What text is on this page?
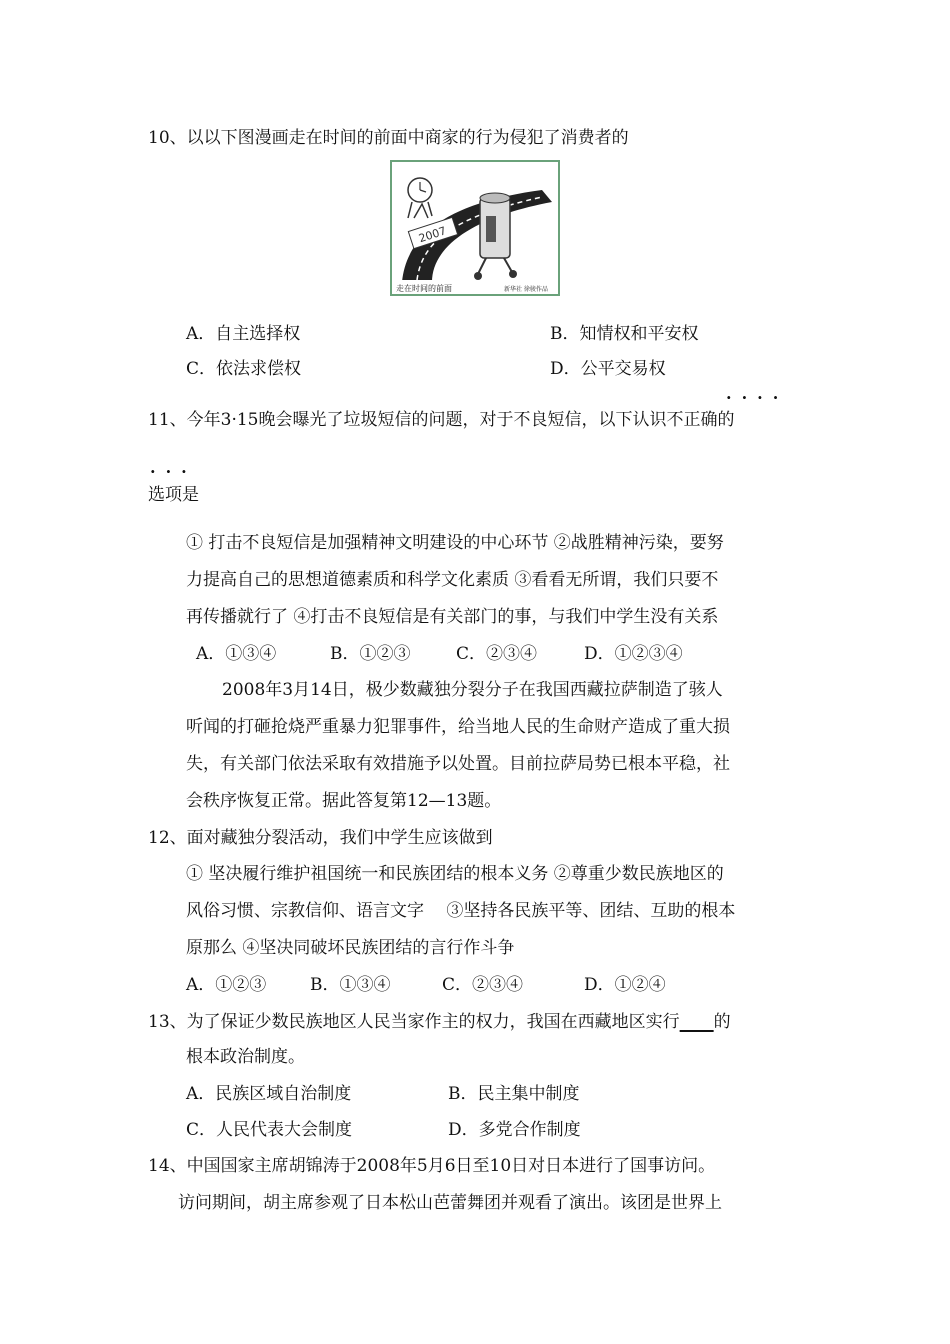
10、以以下图漫画走在时间的前面中商家的行为侵犯了消费者的
2007
走在时间的前面	新华社 徐骏作品
A．自主选择权	B．知情权和平安权
C．依法求偿权	D．公平交易权
····
11、今年3·15晚会曝光了垃圾短信的问题，对于不良短信，以下认识不正确的
···
选项是
① 打击不良短信是加强精神文明建设的中心环节 ②战胜精神污染，要努
力提高自己的思想道德素质和科学文化素质 ③看看无所谓，我们只要不
再传播就行了 ④打击不良短信是有关部门的事，与我们中学生没有关系
A．①③④	B．①②③	C．②③④	D．①②③④
2008年3月14日，极少数藏独分裂分子在我国西藏拉萨制造了骇人
听闻的打砸抢烧严重暴力犯罪事件，给当地人民的生命财产造成了重大损
失，有关部门依法采取有效措施予以处置。目前拉萨局势已根本平稳，社
会秩序恢复正常。据此答复第12—13题。
12、面对藏独分裂活动，我们中学生应该做到
① 坚决履行维护祖国统一和民族团结的根本义务 ②尊重少数民族地区的
风俗习惯、宗教信仰、语言文字　 ③坚持各民族平等、团结、互助的根本
原那么 ④坚决同破坏民族团结的言行作斗争
A．①②③	B．①③④	C．②③④	D．①②④
13、为了保证少数民族地区人民当家作主的权力，我国在西藏地区实行　　 的
根本政治制度。
A．民族区域自治制度	B．民主集中制度
C．人民代表大会制度	D．多党合作制度
14、中国国家主席胡锦涛于2008年5月6日至10日对日本进行了国事访问。
访问期间，胡主席参观了日本松山芭蕾舞团并观看了演出。该团是世界上
